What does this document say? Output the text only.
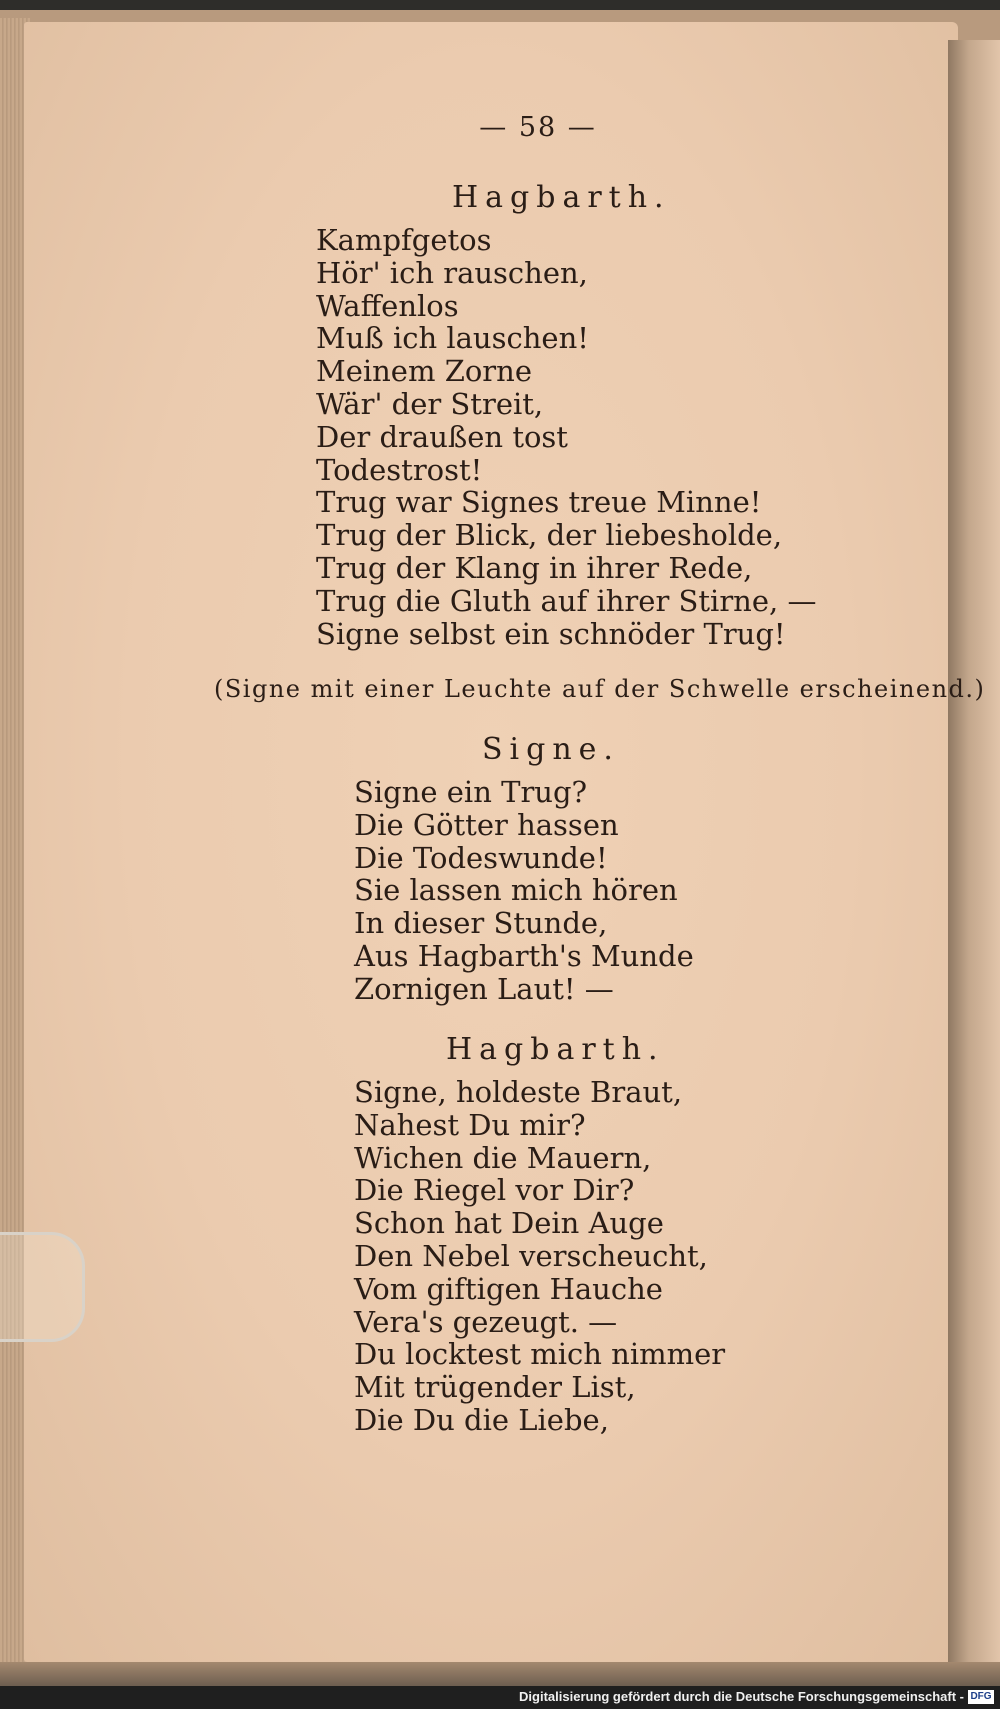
— 58 —
Hagbarth.
Kampfgetos
Hör' ich rauschen,
Waffenlos
Muß ich lauschen!
Meinem Zorne
Wär' der Streit,
Der draußen tost
Todestrost!
Trug war Signes treue Minne!
Trug der Blick, der liebesholde,
Trug der Klang in ihrer Rede,
Trug die Gluth auf ihrer Stirne, —
Signe selbst ein schnöder Trug!
(Signe mit einer Leuchte auf der Schwelle erscheinend.)
Signe.
Signe ein Trug?
Die Götter hassen
Die Todeswunde!
Sie lassen mich hören
In dieser Stunde,
Aus Hagbarth's Munde
Zornigen Laut! —
Hagbarth.
Signe, holdeste Braut,
Nahest Du mir?
Wichen die Mauern,
Die Riegel vor Dir?
Schon hat Dein Auge
Den Nebel verscheucht,
Vom giftigen Hauche
Vera's gezeugt. —
Du locktest mich nimmer
Mit trügender List,
Die Du die Liebe,
Digitalisierung gefördert durch die Deutsche Forschungsgemeinschaft - DFG
